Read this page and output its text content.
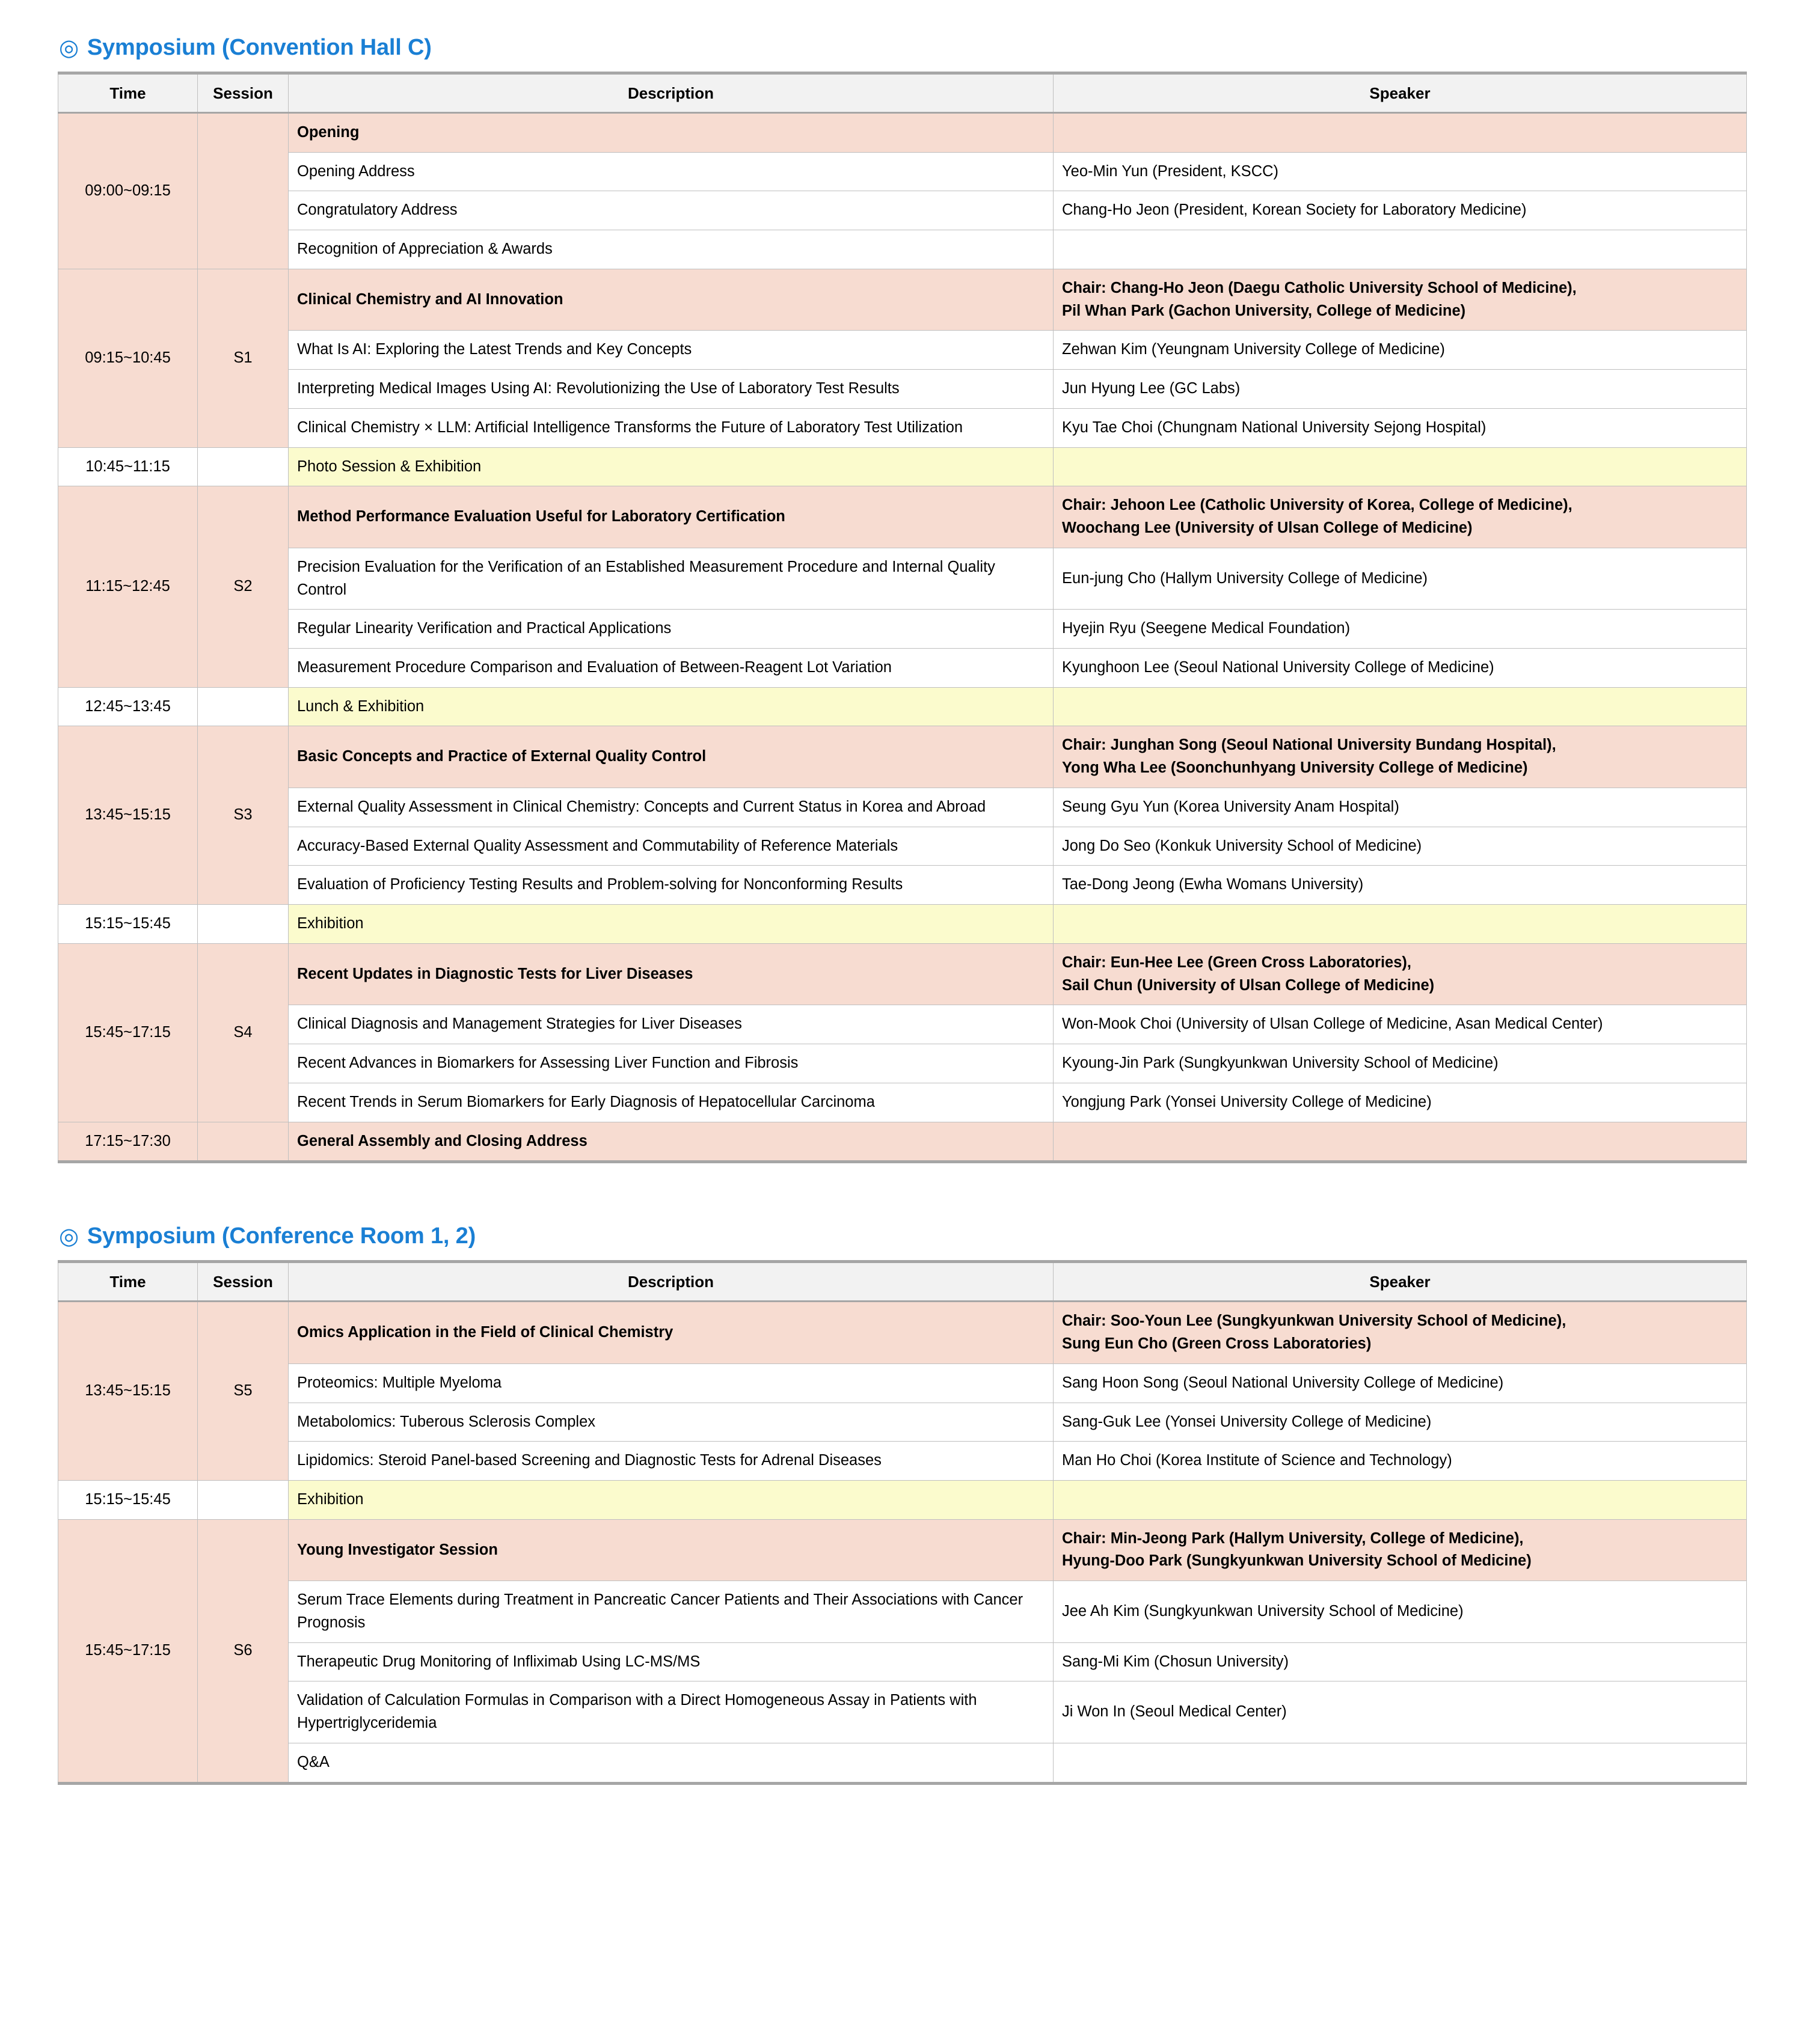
◎ Symposium (Convention Hall C)
Time	Session	Description	Speaker
09:00~09:15		Opening	
		Opening Address	Yeo-Min Yun (President, KSCC)
		Congratulatory Address	Chang-Ho Jeon (President, Korean Society for Laboratory Medicine)
		Recognition of Appreciation & Awards	
09:15~10:45	S1	Clinical Chemistry and AI Innovation	Chair: Chang-Ho Jeon (Daegu Catholic University School of Medicine),
Pil Whan Park (Gachon University, College of Medicine)
		What Is AI: Exploring the Latest Trends and Key Concepts	Zehwan Kim (Yeungnam University College of Medicine)
		Interpreting Medical Images Using AI: Revolutionizing the Use of Laboratory Test Results	Jun Hyung Lee (GC Labs)
		Clinical Chemistry × LLM: Artificial Intelligence Transforms the Future of Laboratory Test Utilization	Kyu Tae Choi (Chungnam National University Sejong Hospital)
10:45~11:15		Photo Session & Exhibition	
11:15~12:45	S2	Method Performance Evaluation Useful for Laboratory Certification	Chair: Jehoon Lee (Catholic University of Korea, College of Medicine),
Woochang Lee (University of Ulsan College of Medicine)
		Precision Evaluation for the Verification of an Established Measurement Procedure and Internal Quality Control	Eun-jung Cho (Hallym University College of Medicine)
		Regular Linearity Verification and Practical Applications	Hyejin Ryu (Seegene Medical Foundation)
		Measurement Procedure Comparison and Evaluation of Between-Reagent Lot Variation	Kyunghoon Lee (Seoul National University College of Medicine)
12:45~13:45		Lunch & Exhibition	
13:45~15:15	S3	Basic Concepts and Practice of External Quality Control	Chair: Junghan Song (Seoul National University Bundang Hospital),
Yong Wha Lee (Soonchunhyang University College of Medicine)
		External Quality Assessment in Clinical Chemistry: Concepts and Current Status in Korea and Abroad	Seung Gyu Yun (Korea University Anam Hospital)
		Accuracy-Based External Quality Assessment and Commutability of Reference Materials	Jong Do Seo (Konkuk University School of Medicine)
		Evaluation of Proficiency Testing Results and Problem-solving for Nonconforming Results	Tae-Dong Jeong (Ewha Womans University)
15:15~15:45		Exhibition	
15:45~17:15	S4	Recent Updates in Diagnostic Tests for Liver Diseases	Chair: Eun-Hee Lee (Green Cross Laboratories),
Sail Chun (University of Ulsan College of Medicine)
		Clinical Diagnosis and Management Strategies for Liver Diseases	Won-Mook Choi (University of Ulsan College of Medicine, Asan Medical Center)
		Recent Advances in Biomarkers for Assessing Liver Function and Fibrosis	Kyoung-Jin Park (Sungkyunkwan University School of Medicine)
		Recent Trends in Serum Biomarkers for Early Diagnosis of Hepatocellular Carcinoma	Yongjung Park (Yonsei University College of Medicine)
17:15~17:30		General Assembly and Closing Address	
◎ Symposium (Conference Room 1, 2)
Time	Session	Description	Speaker
13:45~15:15	S5	Omics Application in the Field of Clinical Chemistry	Chair: Soo-Youn Lee (Sungkyunkwan University School of Medicine),
Sung Eun Cho (Green Cross Laboratories)
		Proteomics: Multiple Myeloma	Sang Hoon Song (Seoul National University College of Medicine)
		Metabolomics: Tuberous Sclerosis Complex	Sang-Guk Lee (Yonsei University College of Medicine)
		Lipidomics: Steroid Panel-based Screening and Diagnostic Tests for Adrenal Diseases	Man Ho Choi (Korea Institute of Science and Technology)
15:15~15:45		Exhibition	
15:45~17:15	S6	Young Investigator Session	Chair: Min-Jeong Park (Hallym University, College of Medicine),
Hyung-Doo Park (Sungkyunkwan University School of Medicine)
		Serum Trace Elements during Treatment in Pancreatic Cancer Patients and Their Associations with Cancer Prognosis	Jee Ah Kim (Sungkyunkwan University School of Medicine)
		Therapeutic Drug Monitoring of Infliximab Using LC-MS/MS	Sang-Mi Kim (Chosun University)
		Validation of Calculation Formulas in Comparison with a Direct Homogeneous Assay in Patients with Hypertriglyceridemia	Ji Won In (Seoul Medical Center)
		Q&A	
